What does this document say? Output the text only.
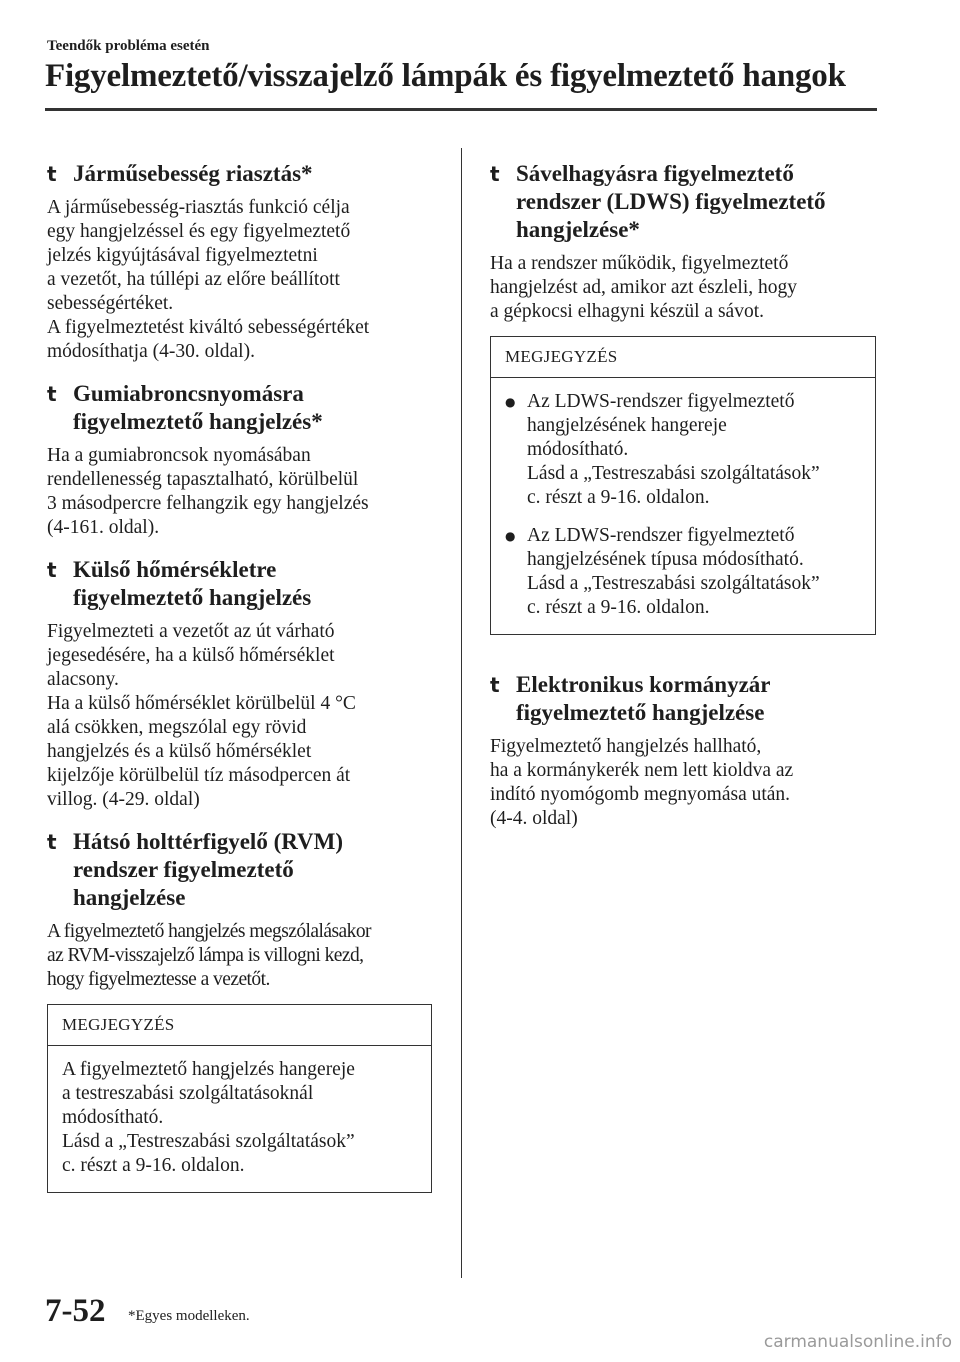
Teendők probléma esetén
Figyelmeztető/visszajelző lámpák és figyelmeztető hangok
t Járműsebesség riasztás*
A járműsebesség-riasztás funkció célja
egy hangjelzéssel és egy figyelmeztető
jelzés kigyújtásával figyelmeztetni
a vezetőt, ha túllépi az előre beállított
sebességértéket.
A figyelmeztetést kiváltó sebességértéket
módosíthatja (4-30. oldal).
t Gumiabroncsnyomásra
figyelmeztető hangjelzés*
Ha a gumiabroncsok nyomásában
rendellenesség tapasztalható, körülbelül
3 másodpercre felhangzik egy hangjelzés
(4-161. oldal).
t Külső hőmérsékletre
figyelmeztető hangjelzés
Figyelmezteti a vezetőt az út várható
jegesedésére, ha a külső hőmérséklet
alacsony.
Ha a külső hőmérséklet körülbelül 4 °C
alá csökken, megszólal egy rövid
hangjelzés és a külső hőmérséklet
kijelzője körülbelül tíz másodpercen át
villog. (4-29. oldal)
t Hátsó holttérfigyelő (RVM)
rendszer figyelmeztető
hangjelzése
A figyelmeztető hangjelzés megszólalásakor
az RVM-visszajelző lámpa is villogni kezd,
hogy figyelmeztesse a vezetőt.
MEGJEGYZÉS
A figyelmeztető hangjelzés hangereje
a testreszabási szolgáltatásoknál
módosítható.
Lásd a „Testreszabási szolgáltatások”
c. részt a 9-16. oldalon.
t Sávelhagyásra figyelmeztető
rendszer (LDWS) figyelmeztető
hangjelzése*
Ha a rendszer működik, figyelmeztető
hangjelzést ad, amikor azt észleli, hogy
a gépkocsi elhagyni készül a sávot.
MEGJEGYZÉS
● Az LDWS-rendszer figyelmeztető
hangjelzésének hangereje
módosítható.
Lásd a „Testreszabási szolgáltatások”
c. részt a 9-16. oldalon.
● Az LDWS-rendszer figyelmeztető
hangjelzésének típusa módosítható.
Lásd a „Testreszabási szolgáltatások”
c. részt a 9-16. oldalon.
t Elektronikus kormányzár
figyelmeztető hangjelzése
Figyelmeztető hangjelzés hallható,
ha a kormánykerék nem lett kioldva az
indító nyomógomb megnyomása után.
(4-4. oldal)
7-52 *Egyes modelleken.
carmanualsonline.info
